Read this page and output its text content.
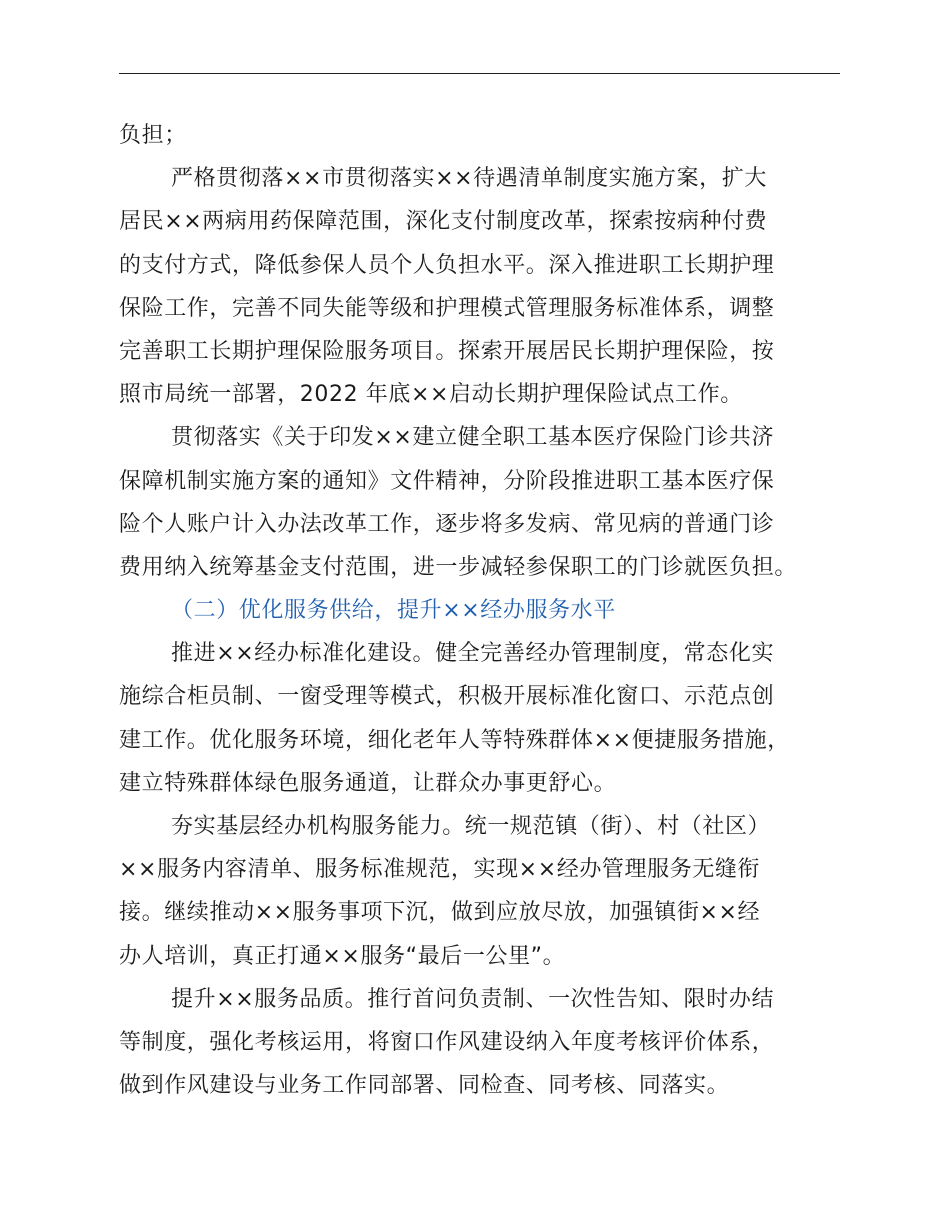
负担；
严格贯彻落××市贯彻落实××待遇清单制度实施方案，扩大
居民××两病用药保障范围，深化支付制度改革，探索按病种付费
的支付方式，降低参保人员个人负担水平。深入推进职工长期护理
保险工作，完善不同失能等级和护理模式管理服务标准体系，调整
完善职工长期护理保险服务项目。探索开展居民长期护理保险，按
照市局统一部署，2022 年底××启动长期护理保险试点工作。
贯彻落实《关于印发××建立健全职工基本医疗保险门诊共济
保障机制实施方案的通知》文件精神，分阶段推进职工基本医疗保
险个人账户计入办法改革工作，逐步将多发病、常见病的普通门诊
费用纳入统筹基金支付范围，进一步减轻参保职工的门诊就医负担。
（二）优化服务供给，提升××经办服务水平
推进××经办标准化建设。健全完善经办管理制度，常态化实
施综合柜员制、一窗受理等模式，积极开展标准化窗口、示范点创
建工作。优化服务环境，细化老年人等特殊群体××便捷服务措施，
建立特殊群体绿色服务通道，让群众办事更舒心。
夯实基层经办机构服务能力。统一规范镇（街）、村（社区）
××服务内容清单、服务标准规范，实现××经办管理服务无缝衔
接。继续推动××服务事项下沉，做到应放尽放，加强镇街××经
办人培训，真正打通××服务“最后一公里”。
提升××服务品质。推行首问负责制、一次性告知、限时办结
等制度，强化考核运用，将窗口作风建设纳入年度考核评价体系，
做到作风建设与业务工作同部署、同检查、同考核、同落实。
